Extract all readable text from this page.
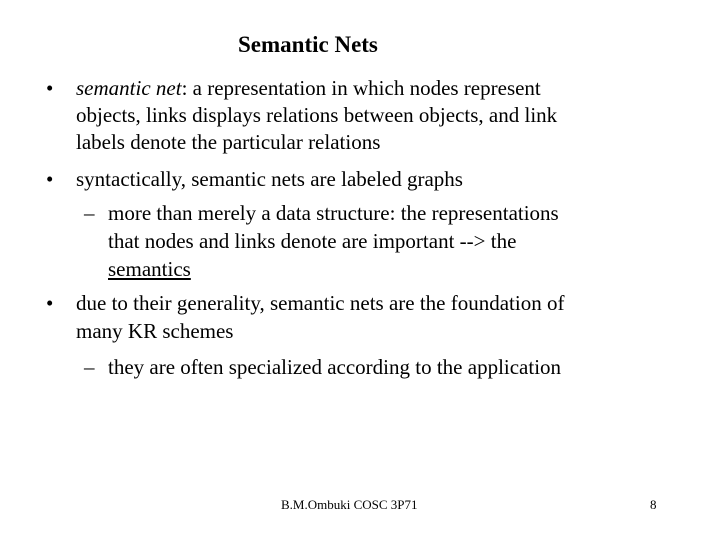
Semantic Nets
• semantic net: a representation in which nodes represent
objects, links displays relations between objects, and link
labels denote the particular relations
• syntactically, semantic nets are labeled graphs
– more than merely a data structure: the representations
that nodes and links denote are important --> the
semantics
• due to their generality, semantic nets are the foundation of
many KR schemes
– they are often specialized according to the application
B.M.Ombuki COSC 3P71	8
